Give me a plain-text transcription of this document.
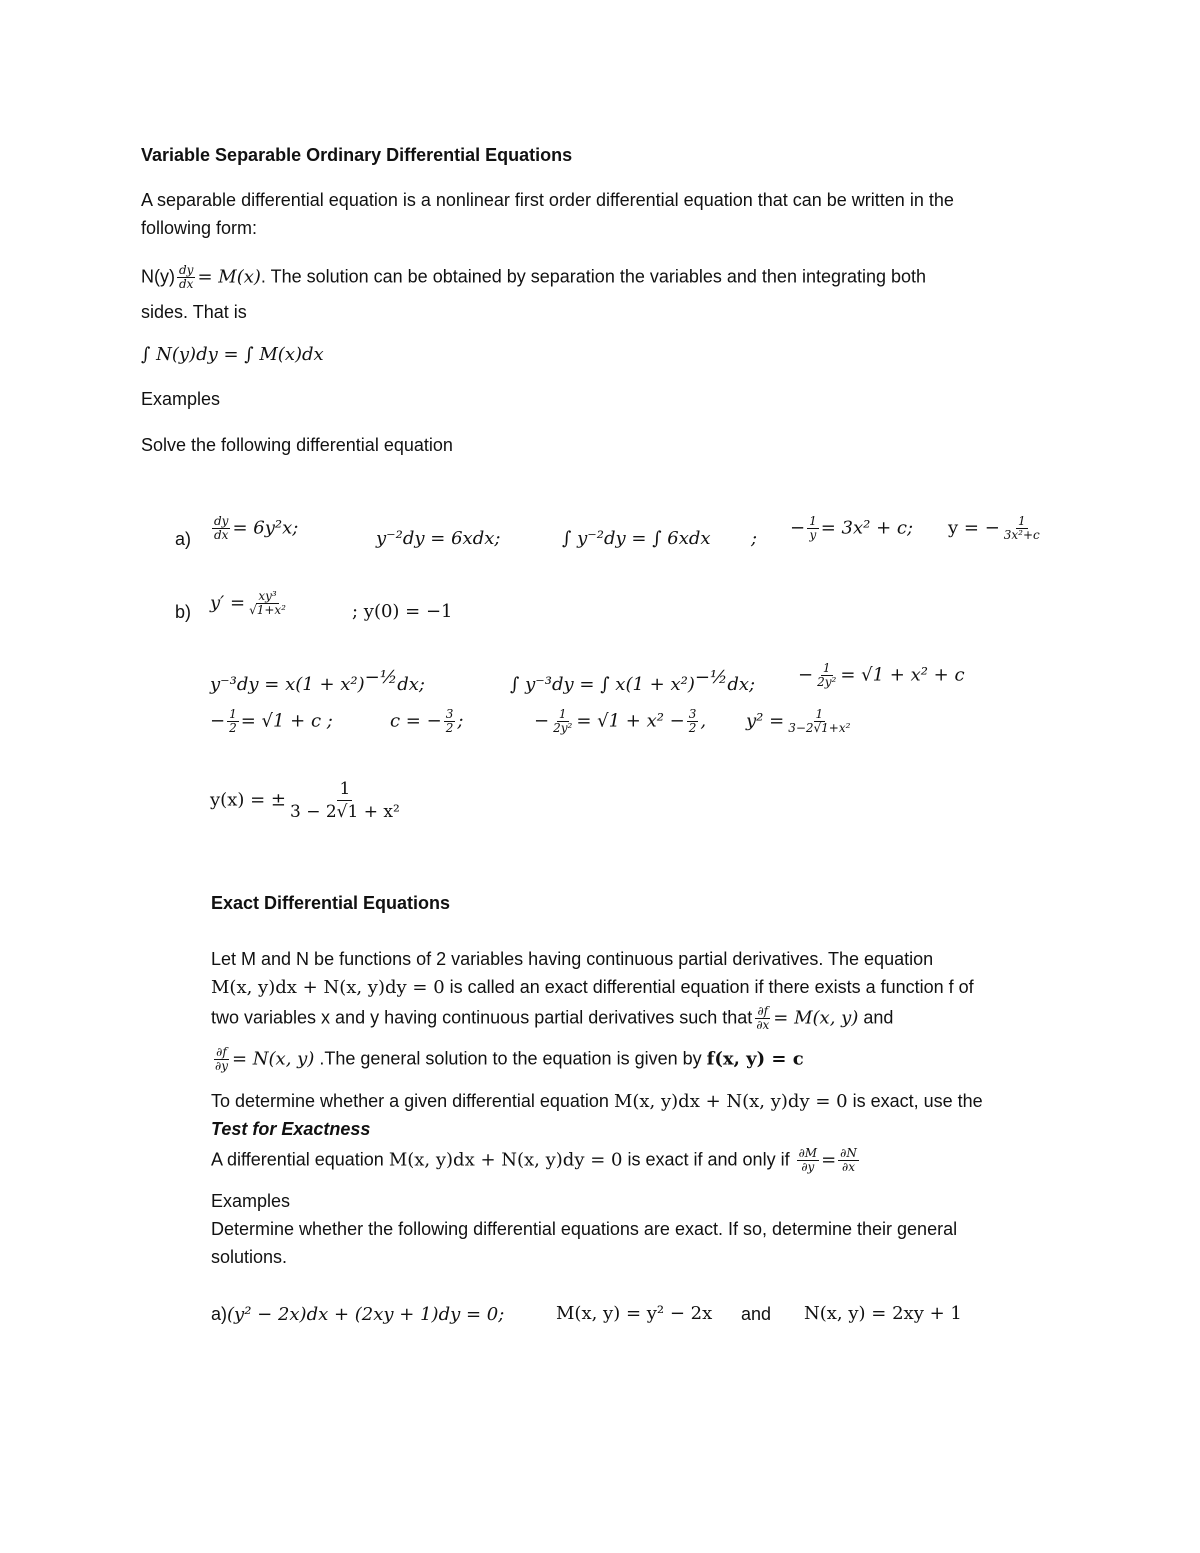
Variable Separable Ordinary Differential Equations
A separable differential equation is a nonlinear first order differential equation that can be written in the
following form:
$N(y) \frac{dy}{dx} = M(x)$. The solution can be obtained by separation the variables and then integrating both
sides. That is
∫ N(y)dy = ∫ M(x)dx
Examples
Solve the following differential equation
$a) \frac{dy}{dx} = 6y^2x$;
y⁻²dy = 6xdx;	∫ y⁻²dy = ∫ 6xdx ;
− $\frac{1}{y} = 3x^2 + c$; y = − $\frac{1}{\text{3x²+c}}$
b) $y' = \frac{\text{xy³}}{\text{√1+x²}}$	; y(0) = −1
$y^{-3}dy = x(1 + x^2)^{-\frac{1}{2}}dx$;	∫ y⁻³dy = ∫ $x(1 + x^2)^{-\frac{1}{2}}dx$; − $\frac{1}{\text{2y²}} = √1 + x^2 + c$
− $\frac{1}{2} = √1 + c$ ;	c = − $\frac{3}{2}$ ;	− $\frac{1}{\text{2y²}} = √1 + x^2 - \frac{3}{2}$ , $y^2 = \frac{1}{\text{3−2√1+x²}}$
y(x) = ± $\frac{1}{\text{3 − 2√1 + x²}}$
Exact Differential Equations
Let M and N be functions of 2 variables having continuous partial derivatives. The equation
M(x, y)dx + N(x, y)dy = 0 is called an exact differential equation if there exists a function f of
two variables x and y having continuous partial derivatives such that $\frac{\partial f}{\partial x} = M(x$, y) and
$\frac{\partial f}{\partial y} = N(x$, y) .The general solution to the equation is given by f(x, y) = c
To determine whether a given differential equation M(x, y)dx + N(x, y)dy = 0 is exact, use the
Test for Exactness
A differential equation M(x, y)dx + N(x, y)dy = 0 is exact if and only if $\frac{\partial M}{\partial y} = \frac{\partial N}{\partial x}$
Examples
Determine whether the following differential equations are exact. If so, determine their general
solutions.
a)(y² − 2x)dx + (2xy + 1)dy = 0;	M(x, y) = y² − 2x and N(x, y) = 2xy + 1
